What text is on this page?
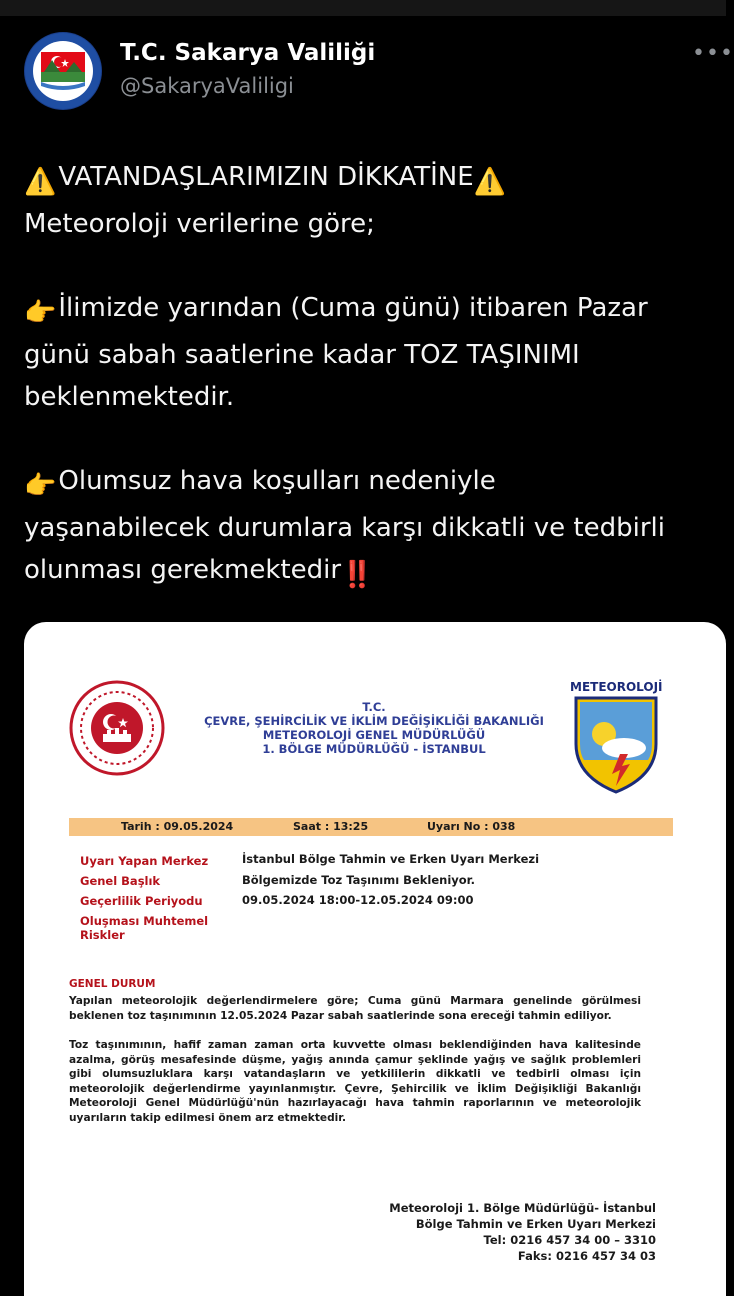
T.C. Sakarya Valiliği
@SakaryaValiligi
•••
⚠️VATANDAŞLARIMIZIN DİKKATİNE⚠️
Meteoroloji verilerine göre;
👉İlimizde yarından (Cuma günü) itibaren Pazar
günü sabah saatlerine kadar TOZ TAŞINIMI
beklenmektedir.
👉Olumsuz hava koşulları nedeniyle
yaşanabilecek durumlara karşı dikkatli ve tedbirli
olunması gerekmektedir‼️
T.C.
ÇEVRE, ŞEHİRCİLİK VE İKLİM DEĞİŞİKLİĞİ BAKANLIĞI
METEOROLOJİ GENEL MÜDÜRLÜĞÜ
1. BÖLGE MÜDÜRLÜĞÜ - İSTANBUL
METEOROLOJİ
Tarih : 09.05.2024	Saat : 13:25	Uyarı No : 038
Uyarı Yapan Merkez	İstanbul Bölge Tahmin ve Erken Uyarı Merkezi
Genel Başlık	Bölgemizde Toz Taşınımı Bekleniyor.
Geçerlilik Periyodu	09.05.2024 18:00-12.05.2024 09:00
Oluşması Muhtemel Riskler
GENEL DURUM
Yapılan meteorolojik değerlendirmelere göre; Cuma günü Marmara genelinde görülmesi beklenen toz taşınımının 12.05.2024 Pazar sabah saatlerinde sona ereceği tahmin ediliyor.
Toz taşınımının, hafif zaman zaman orta kuvvette olması beklendiğinden hava kalitesinde azalma, görüş mesafesinde düşme, yağış anında çamur şeklinde yağış ve sağlık problemleri gibi olumsuzluklara karşı vatandaşların ve yetkililerin dikkatli ve tedbirli olması için meteorolojik değerlendirme yayınlanmıştır. Çevre, Şehircilik ve İklim Değişikliği Bakanlığı Meteoroloji Genel Müdürlüğü'nün hazırlayacağı hava tahmin raporlarının ve meteorolojik uyarıların takip edilmesi önem arz etmektedir.
Meteoroloji 1. Bölge Müdürlüğü- İstanbul
Bölge Tahmin ve Erken Uyarı Merkezi
Tel: 0216 457 34 00 – 3310
Faks: 0216 457 34 03
